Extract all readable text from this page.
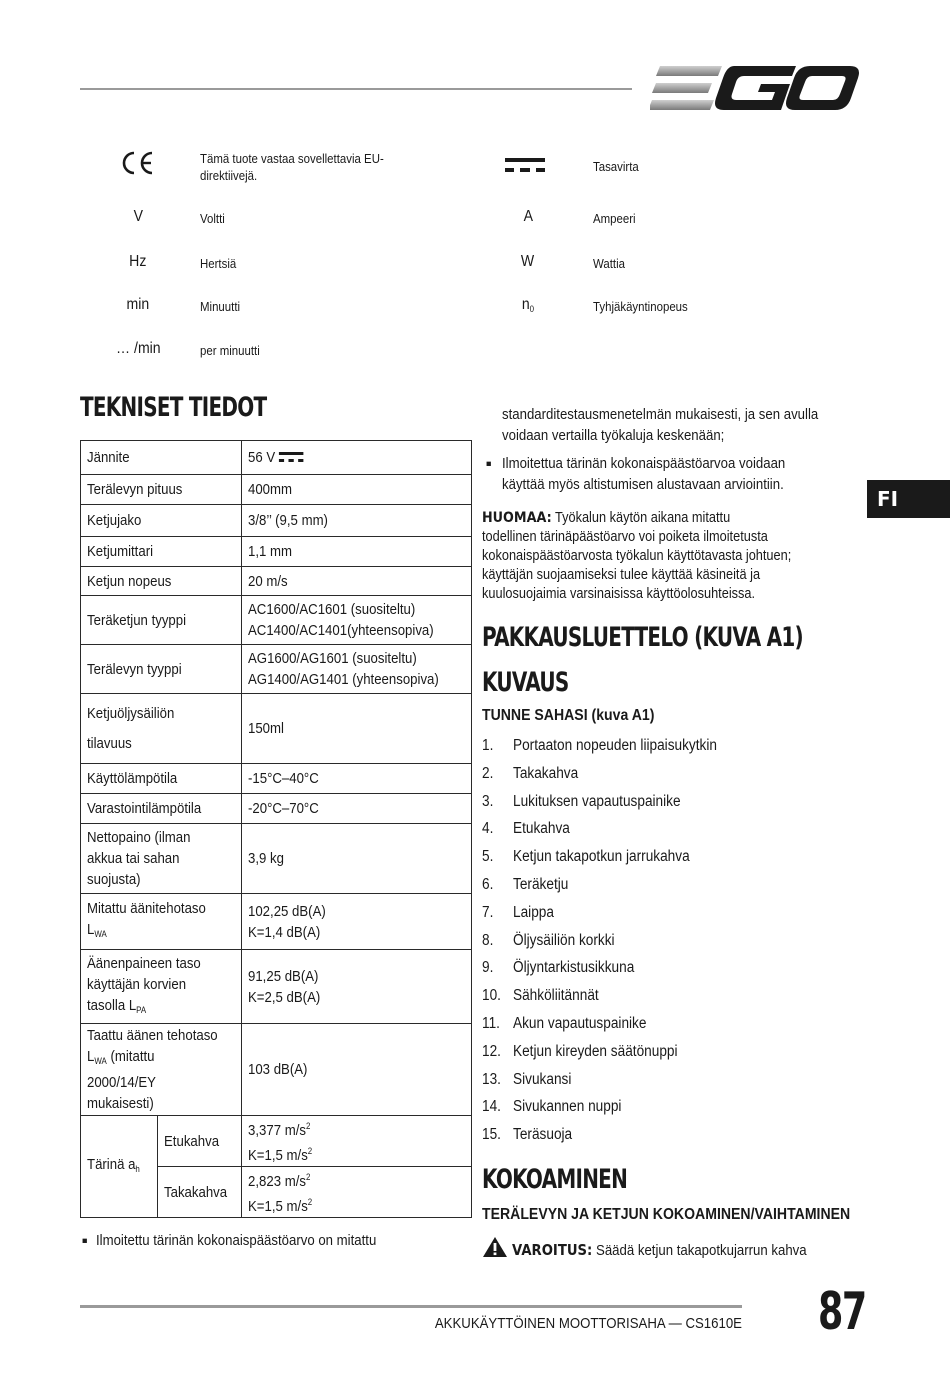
Tämä tuote vastaa sovellettavia EU-direktiivejä.
V	Voltti
Hz	Hertsiä
min	Minuutti
… /min	per minuutti
Tasavirta
A	Ampeeri
W	Wattia
$n_0$	Tyhjäkäyntinopeus
TEKNISET TIEDOT
Jännite		56 V
Terälevyn pituus		400mm
Ketjujako		3/8’’ (9,5 mm)
Ketjumittari		1,1 mm
Ketjun nopeus		20 m/s
Teräketjun tyyppi		AC1600/AC1601 (suositeltu)
AC1400/AC1401(yhteensopiva)
Terälevyn tyyppi		AG1600/AG1601 (suositeltu)
AG1400/AG1401 (yhteensopiva)
Ketjuöljysäiliön
tilavuus		150ml
Käyttölämpötila		-15°C–40°C
Varastointilämpötila		-20°C–70°C
Nettopaino (ilman
akkua tai sahan
suojusta)		3,9 kg
Mitattu äänitehotaso
$L_{WA}$		102,25 dB(A)
K=1,4 dB(A)
Äänenpaineen taso
käyttäjän korvien
tasolla $L_{PA}$		91,25 dB(A)
K=2,5 dB(A)
Taattu äänen tehotaso
$L_{WA}$ (mitattu
2000/14/EY
mukaisesti)		103 dB(A)
Tärinä $a_h$	Etukahva	3,377 $m/s^2$
K=1,5 $m/s^2$
	Takakahva	2,823 $m/s^2$
K=1,5 $m/s^2$
■ Ilmoitettu tärinän kokonaispäästöarvo on mitattu
standarditestausmenetelmän mukaisesti, ja sen avulla
voidaan vertailla työkaluja keskenään;
■ Ilmoitettua tärinän kokonaispäästöarvoa voidaan
käyttää myös altistumisen alustavaan arviointiin.
HUOMAA: Työkalun käytön aikana mitattu
todellinen tärinäpäästöarvo voi poiketa ilmoitetusta
kokonaispäästöarvosta työkalun käyttötavasta johtuen;
käyttäjän suojaamiseksi tulee käyttää käsineitä ja
kuulosuojaimia varsinaisissa käyttöolosuhteissa.
PAKKAUSLUETTELO (KUVA A1)
KUVAUS
TUNNE SAHASI (kuva A1)
1.	Portaaton nopeuden liipaisukytkin
2.	Takakahva
3.	Lukituksen vapautuspainike
4.	Etukahva
5.	Ketjun takapotkun jarrukahva
6.	Teräketju
7.	Laippa
8.	Öljysäiliön korkki
9.	Öljyntarkistusikkuna
10. Sähköliitännät
11. Akun vapautuspainike
12. Ketjun kireyden säätönuppi
13. Sivukansi
14. Sivukannen nuppi
15. Teräsuoja
KOKOAMINEN
TERÄLEVYN JA KETJUN KOKOAMINEN/VAIHTAMINEN
VAROITUS: Säädä ketjun takapotkujarrun kahva
FI
AKKUKÄYTTÖINEN MOOTTORISAHA — CS1610E 87
